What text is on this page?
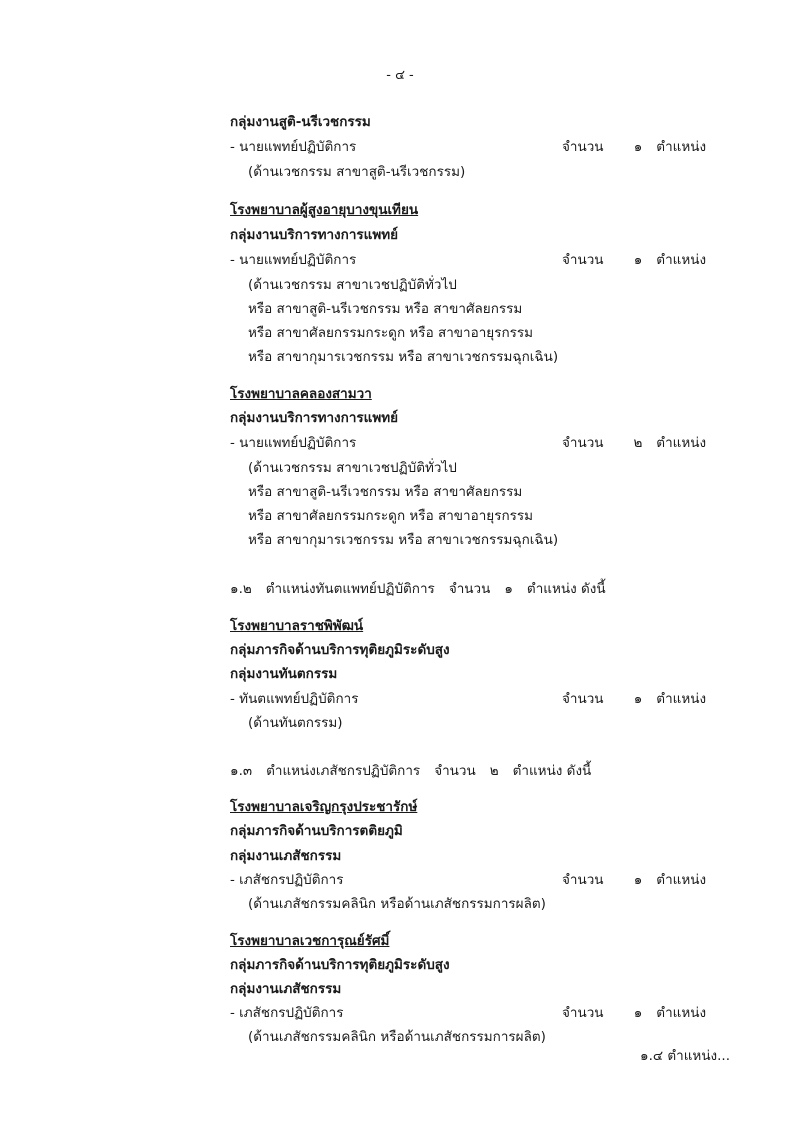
- ๔ -
กลุ่มงานสูติ-นรีเวชกรรม
- นายแพทย์ปฏิบัติการ	จำนวน ๑ ตำแหน่ง
(ด้านเวชกรรม สาขาสูติ-นรีเวชกรรม)
โรงพยาบาลผู้สูงอายุบางขุนเทียน
กลุ่มงานบริการทางการแพทย์
- นายแพทย์ปฏิบัติการ	จำนวน ๑ ตำแหน่ง
(ด้านเวชกรรม สาขาเวชปฏิบัติทั่วไป
หรือ สาขาสูติ-นรีเวชกรรม หรือ สาขาศัลยกรรม
หรือ สาขาศัลยกรรมกระดูก หรือ สาขาอายุรกรรม
หรือ สาขากุมารเวชกรรม หรือ สาขาเวชกรรมฉุกเฉิน)
โรงพยาบาลคลองสามวา
กลุ่มงานบริการทางการแพทย์
- นายแพทย์ปฏิบัติการ	จำนวน ๒ ตำแหน่ง
(ด้านเวชกรรม สาขาเวชปฏิบัติทั่วไป
หรือ สาขาสูติ-นรีเวชกรรม หรือ สาขาศัลยกรรม
หรือ สาขาศัลยกรรมกระดูก หรือ สาขาอายุรกรรม
หรือ สาขากุมารเวชกรรม หรือ สาขาเวชกรรมฉุกเฉิน)
๑.๒ ตำแหน่งทันตแพทย์ปฏิบัติการ จำนวน ๑ ตำแหน่ง ดังนี้
โรงพยาบาลราชพิพัฒน์
กลุ่มภารกิจด้านบริการทุติยภูมิระดับสูง
กลุ่มงานทันตกรรม
- ทันตแพทย์ปฏิบัติการ	จำนวน ๑ ตำแหน่ง
(ด้านทันตกรรม)
๑.๓ ตำแหน่งเภสัชกรปฏิบัติการ จำนวน ๒ ตำแหน่ง ดังนี้
โรงพยาบาลเจริญกรุงประชารักษ์
กลุ่มภารกิจด้านบริการตติยภูมิ
กลุ่มงานเภสัชกรรม
- เภสัชกรปฏิบัติการ	จำนวน ๑ ตำแหน่ง
(ด้านเภสัชกรรมคลินิก หรือด้านเภสัชกรรมการผลิต)
โรงพยาบาลเวชการุณย์รัศมิ์
กลุ่มภารกิจด้านบริการทุติยภูมิระดับสูง
กลุ่มงานเภสัชกรรม
- เภสัชกรปฏิบัติการ	จำนวน ๑ ตำแหน่ง
(ด้านเภสัชกรรมคลินิก หรือด้านเภสัชกรรมการผลิต)
๑.๔ ตำแหน่ง...
